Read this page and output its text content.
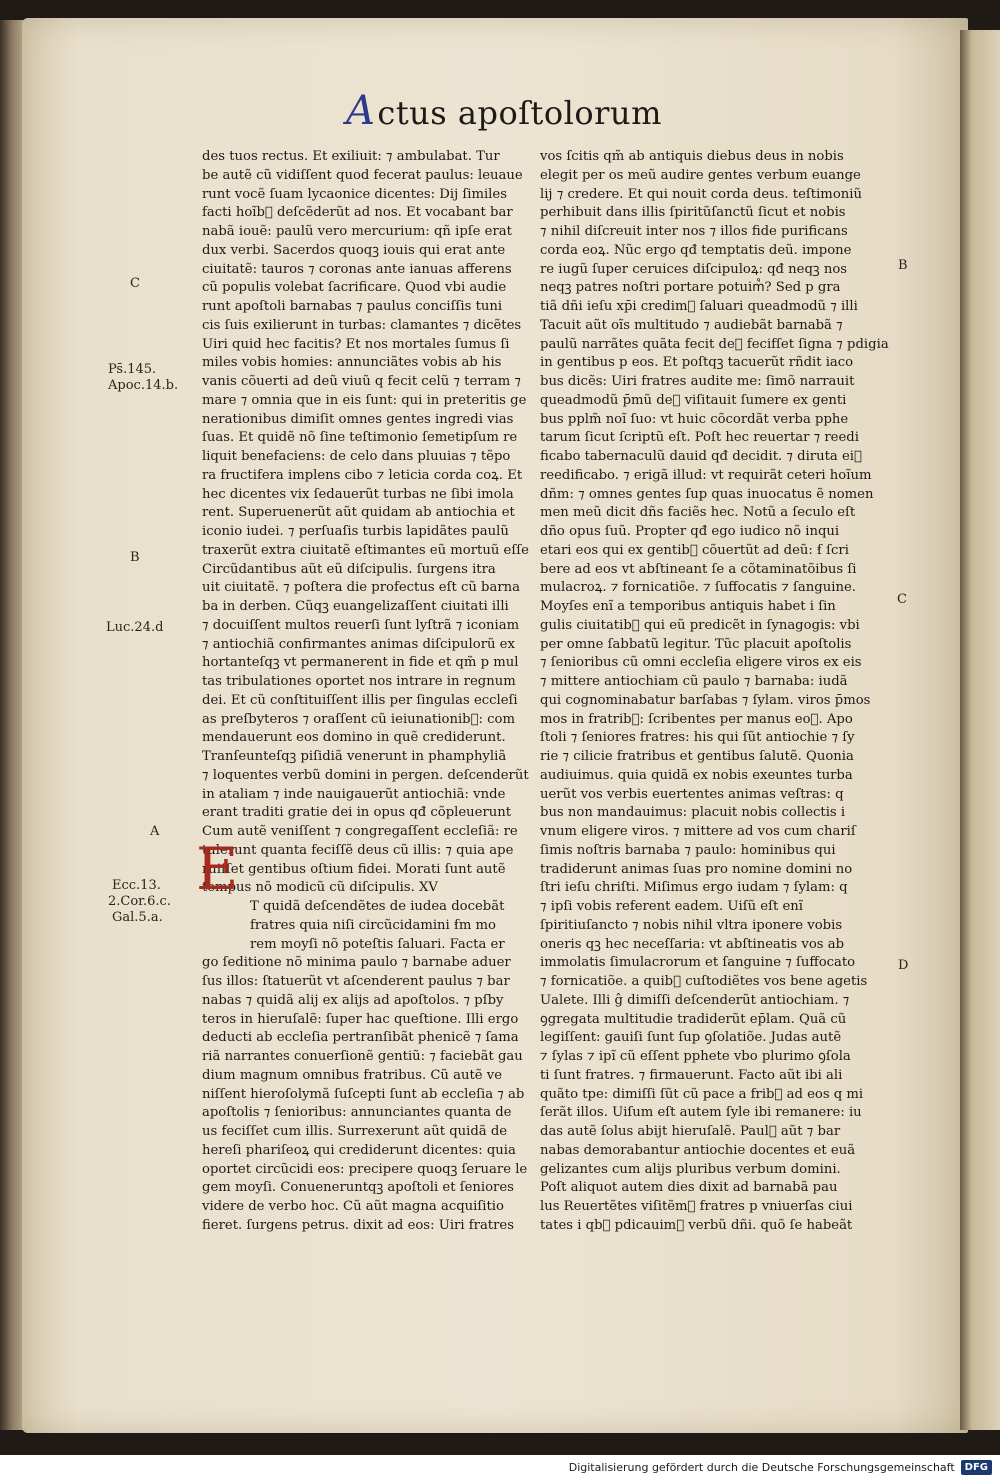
Actus apoſtolorum
des tuos rectus. Et exiliuit: ⁊ ambulabat. Tur
be autẽ cũ vidiſſent quod fecerat paulus: leuaue
runt vocẽ ſuam lycaonice dicentes: Dij ſimiles
facti hoĩb᷒ deſcẽderũt ad nos. Et vocabant bar
nabã iouẽ: paulũ vero mercurium: qñ ipſe erat
dux verbi. Sacerdos quoqꝫ iouis qui erat ante
ciuitatẽ: tauros ⁊ coronas ante ianuas afferens
cũ populis volebat ſacrificare. Quod vbi audie
runt apoſtoli barnabas ⁊ paulus conciſſis tuni
cis ſuis exilierunt in turbas: clamantes ⁊ dicẽtes
Uiri quid hec facitis? Et nos mortales ſumus ſi
miles vobis homies: annunciãtes vobis ab his
vanis cõuerti ad deũ viuũ q fecit celũ ⁊ terram ⁊
mare ⁊ omnia que in eis ſunt: qui in preteritis ge
nerationibus dimiſit omnes gentes ingredi vias
ſuas. Et quidẽ nõ ſine teſtimonio ſemetipſum re
liquit benefaciens: de celo dans pluuias ⁊ tẽpo
ra fructifera implens cibo ⁊ leticia corda coꝝ. Et
hec dicentes vix ſedauerũt turbas ne ſibi imola
rent. Superuenerũt aũt quidam ab antiochia et
iconio iudei. ⁊ perſuaſis turbis lapidãtes paulũ
traxerũt extra ciuitatẽ eſtimantes eũ mortuũ eſſe
Circũdantibus aũt eũ diſcipulis. ſurgens itra
uit ciuitatẽ. ⁊ poſtera die profectus eſt cũ barna
ba in derben. Cũqꝫ euangelizaſſent ciuitati illi
⁊ docuiſſent multos reuerſi ſunt lyſtrã ⁊ iconiam
⁊ antiochiã confirmantes animas diſcipulorũ ex
hortanteſqꝫ vt permanerent in fide et qm̃ p mul
tas tribulationes oportet nos intrare in regnum
dei. Et cũ conſtituiſſent illis per ſingulas eccleſi
as preſbyteros ⁊ oraſſent cũ ieiunationib᷒: com
mendauerunt eos domino in quẽ crediderunt.
Tranſeunteſqꝫ piſidiã venerunt in phamphyliã
⁊ loquentes verbũ domini in pergen. deſcenderũt
in ataliam ⁊ inde nauigauerũt antiochiã: vnde
erant traditi gratie dei in opus qđ cõpleuerunt
Cum autẽ veniſſent ⁊ congregaſſent eccleſiã: re
tulerunt quanta feciſſẽ deus cũ illis: ⁊ quia ape
ruiſſet gentibus oſtium fidei. Morati ſunt autẽ
tempus nõ modicũ cũ diſcipulis. XV
T quidã deſcendẽtes de iudea docebãt
fratres quia niſi circũcidamini ẜm mo
rem moyſi nõ poteſtis ſaluari. Facta er
go ſeditione nõ minima paulo ⁊ barnabe aduer
ſus illos: ſtatuerũt vt aſcenderent paulus ⁊ bar
nabas ⁊ quidã alij ex alijs ad apoſtolos. ⁊ pſby
teros in hieruſalẽ: ſuper hac queſtione. Illi ergo
deducti ab eccleſia pertranſibãt phenicẽ ⁊ ſama
riã narrantes conuerſionẽ gentiũ: ⁊ faciebãt gau
dium magnum omnibus fratribus. Cũ autẽ ve
niſſent hieroſolymã ſuſcepti ſunt ab eccleſia ⁊ ab
apoſtolis ⁊ ſenioribus: annunciantes quanta de
us feciſſet cum illis. Surrexerunt aũt quidã de
hereſi phariſeoꝝ qui crediderunt dicentes: quia
oportet circũcidi eos: precipere quoqꝫ ſeruare le
gem moyſi. Conueneruntqꝫ apoſtoli et ſeniores
videre de verbo hoc. Cũ aũt magna acquiſitio
fieret. ſurgens petrus. dixit ad eos: Uiri fratres
vos ſcitis qm̃ ab antiquis diebus deus in nobis
elegit per os meũ audire gentes verbum euange
lij ⁊ credere. Et qui nouit corda deus. teſtimoniũ
perhibuit dans illis ſpiritũſanctũ ſicut et nobis
⁊ nihil diſcreuit inter nos ⁊ illos fide purificans
corda eoꝝ. Nũc ergo qđ temptatis deũ. impone
re iugũ ſuper ceruices diſcipuloꝝ: qđ neqꝫ nos
neqꝫ patres noſtri portare potuim᷒? Sed p gra
tiã dñi ieſu xp̄i credim᷒ ſaluari queadmodũ ⁊ illi
Tacuit aũt oĩs multitudo ⁊ audiebãt barnabã ⁊
paulũ narrãtes quãta fecit de᷒ fecifſet ſigna ⁊ pdigia
in gentibus p eos. Et poſtqꝫ tacuerũt rñdit iaco
bus dicẽs: Uiri fratres audite me: ſimõ narrauit
queadmodũ p̄mũ de᷒ viſitauit ſumere ex genti
bus pplm̃ noĩ ſuo: vt huic cõcordãt verba pphe
tarum ſicut ſcriptũ eſt. Poſt hec reuertar ⁊ reedi
ficabo tabernaculũ dauid qđ decidit. ⁊ diruta ei᷒
reedificabo. ⁊ erigã illud: vt requirãt ceteri hoĩum
dñm: ⁊ omnes gentes ſup quas inuocatus ẽ nomen
men meũ dicit dñs faciẽs hec. Notũ a ſeculo eſt
dño opus ſuũ. Propter qđ ego iudico nõ inqui
etari eos qui ex gentib᷒ cõuertũt ad deũ: ẜ ſcri
bere ad eos vt abſtineant ſe a cõtaminatõibus ſi
mulacroꝝ. ⁊ fornicatiõe. ⁊ ſuffocatis ⁊ ſanguine.
Moyſes enĩ a temporibus antiquis habet i ſin
gulis ciuitatib᷒ qui eũ predicẽt in ſynagogis: vbi
per omne ſabbatũ legitur. Tũc placuit apoſtolis
⁊ ſenioribus cũ omni eccleſia eligere viros ex eis
⁊ mittere antiochiam cũ paulo ⁊ barnaba: iudã
qui cognominabatur barſabas ⁊ ſylam. viros p̄mos
mos in fratrib᷒: ſcribentes per manus eoꝝ. Apo
ſtoli ⁊ ſeniores fratres: his qui ſũt antiochie ⁊ ſy
rie ⁊ cilicie fratribus et gentibus ſalutẽ. Quonia
audiuimus. quia quidã ex nobis exeuntes turba
uerũt vos verbis euertentes animas veſtras: q
bus non mandauimus: placuit nobis collectis i
vnum eligere viros. ⁊ mittere ad vos cum chariſ
ſimis noſtris barnaba ⁊ paulo: hominibus qui
tradiderunt animas ſuas pro nomine domini no
ſtri ieſu chriſti. Miſimus ergo iudam ⁊ ſylam: q
⁊ ipſi vobis referent eadem. Uiſũ eſt enĩ
ſpiritiuſancto ⁊ nobis nihil vltra iponere vobis
oneris qꝫ hec neceſſaria: vt abſtineatis vos ab
immolatis ſimulacrorum et ſanguine ⁊ ſuffocato
⁊ fornicatiõe. a quib᷒ cuſtodiẽtes vos bene agetis
Ualete. Illi ĝ dimiſſi deſcenderũt antiochiam. ⁊
ꝯgregata multitudie tradiderũt ep̄lam. Quã cũ
legiſſent: gauiſi ſunt ſup ꝯſolatiõe. Judas autẽ
⁊ ſylas ⁊ ipĩ cũ eſſent pphete vbo plurimo ꝯſola
ti ſunt fratres. ⁊ firmauerunt. Facto aũt ibi ali
quãto tpe: dimiſſi ſũt cũ pace a frib᷒ ad eos q mi
ſerãt illos. Uiſum eſt autem ſyle ibi remanere: iu
das autẽ ſolus abijt hieruſalẽ. Paul᷒ aũt ⁊ bar
nabas demorabantur antiochie docentes et euã
gelizantes cum alijs pluribus verbum domini.
Poſt aliquot autem dies dixit ad barnabã pau
lus Reuertẽtes viſitẽm᷒ fratres p vniuerſas ciui
tates i qb᷒ pdicauim᷒ verbũ dñi. quõ ſe habeãt
E
C
Ps̄.145.
Apoc.14.b.
B
Luc.24.d
A
Ecc.13.
2.Cor.6.c.
Gal.5.a.
B
C
D
Digitalisierung gefördert durch die Deutsche Forschungsgemeinschaft	DFG
